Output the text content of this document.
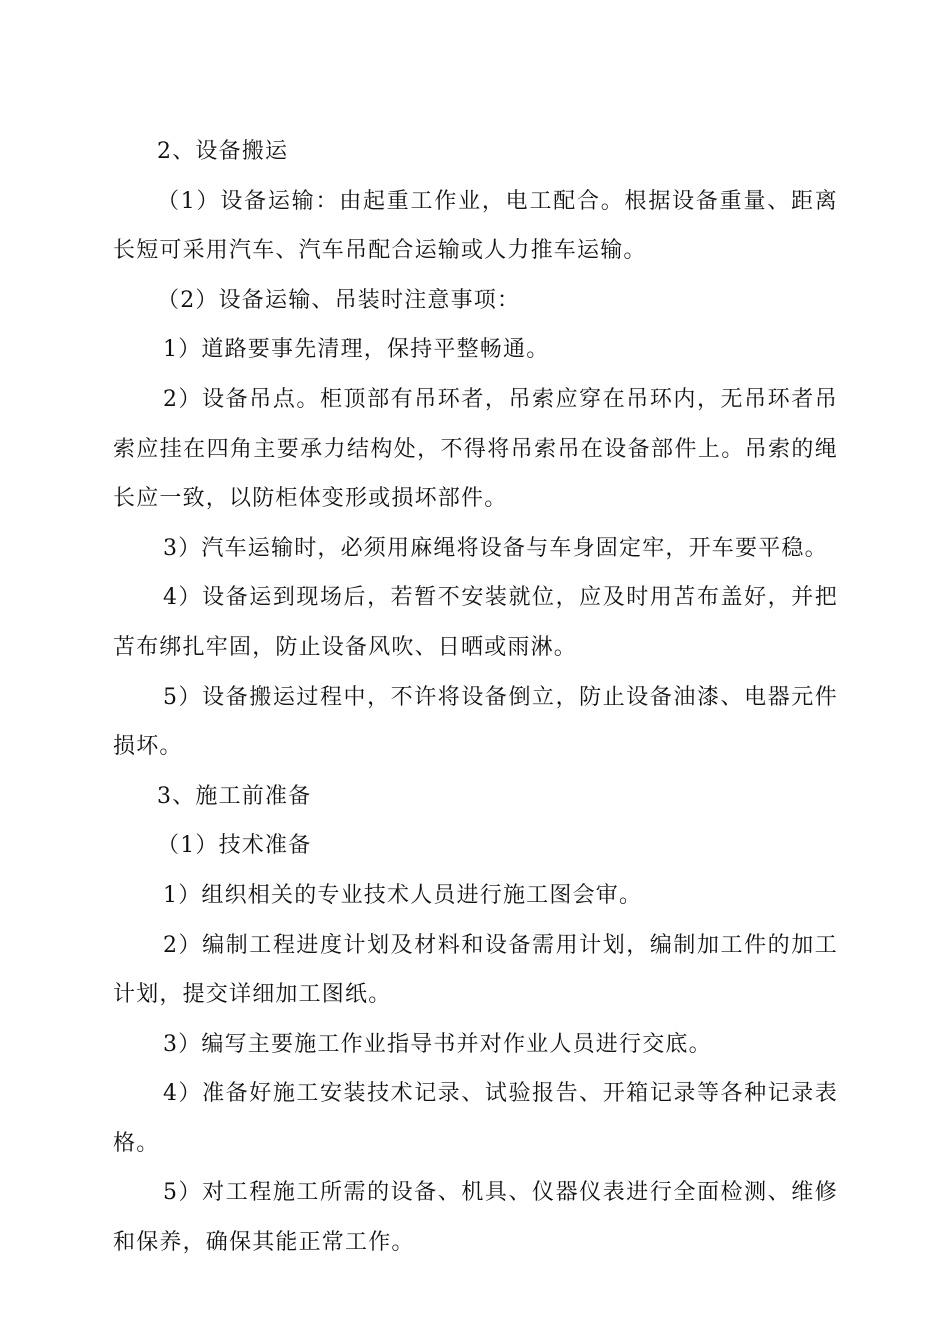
2、设备搬运

（1）设备运输：由起重工作业，电工配合。根据设备重量、距离长短可采用汽车、汽车吊配合运输或人力推车运输。

（2）设备运输、吊装时注意事项：

1）道路要事先清理，保持平整畅通。

2）设备吊点。柜顶部有吊环者，吊索应穿在吊环内，无吊环者吊索应挂在四角主要承力结构处，不得将吊索吊在设备部件上。吊索的绳长应一致，以防柜体变形或损坏部件。

3）汽车运输时，必须用麻绳将设备与车身固定牢，开车要平稳。

4）设备运到现场后，若暂不安装就位，应及时用苫布盖好，并把苫布绑扎牢固，防止设备风吹、日晒或雨淋。

5）设备搬运过程中，不许将设备倒立，防止设备油漆、电器元件损坏。

3、施工前准备

（1）技术准备

1）组织相关的专业技术人员进行施工图会审。

2）编制工程进度计划及材料和设备需用计划，编制加工件的加工计划，提交详细加工图纸。

3）编写主要施工作业指导书并对作业人员进行交底。

4）准备好施工安装技术记录、试验报告、开箱记录等各种记录表格。

5）对工程施工所需的设备、机具、仪器仪表进行全面检测、维修和保养，确保其能正常工作。
